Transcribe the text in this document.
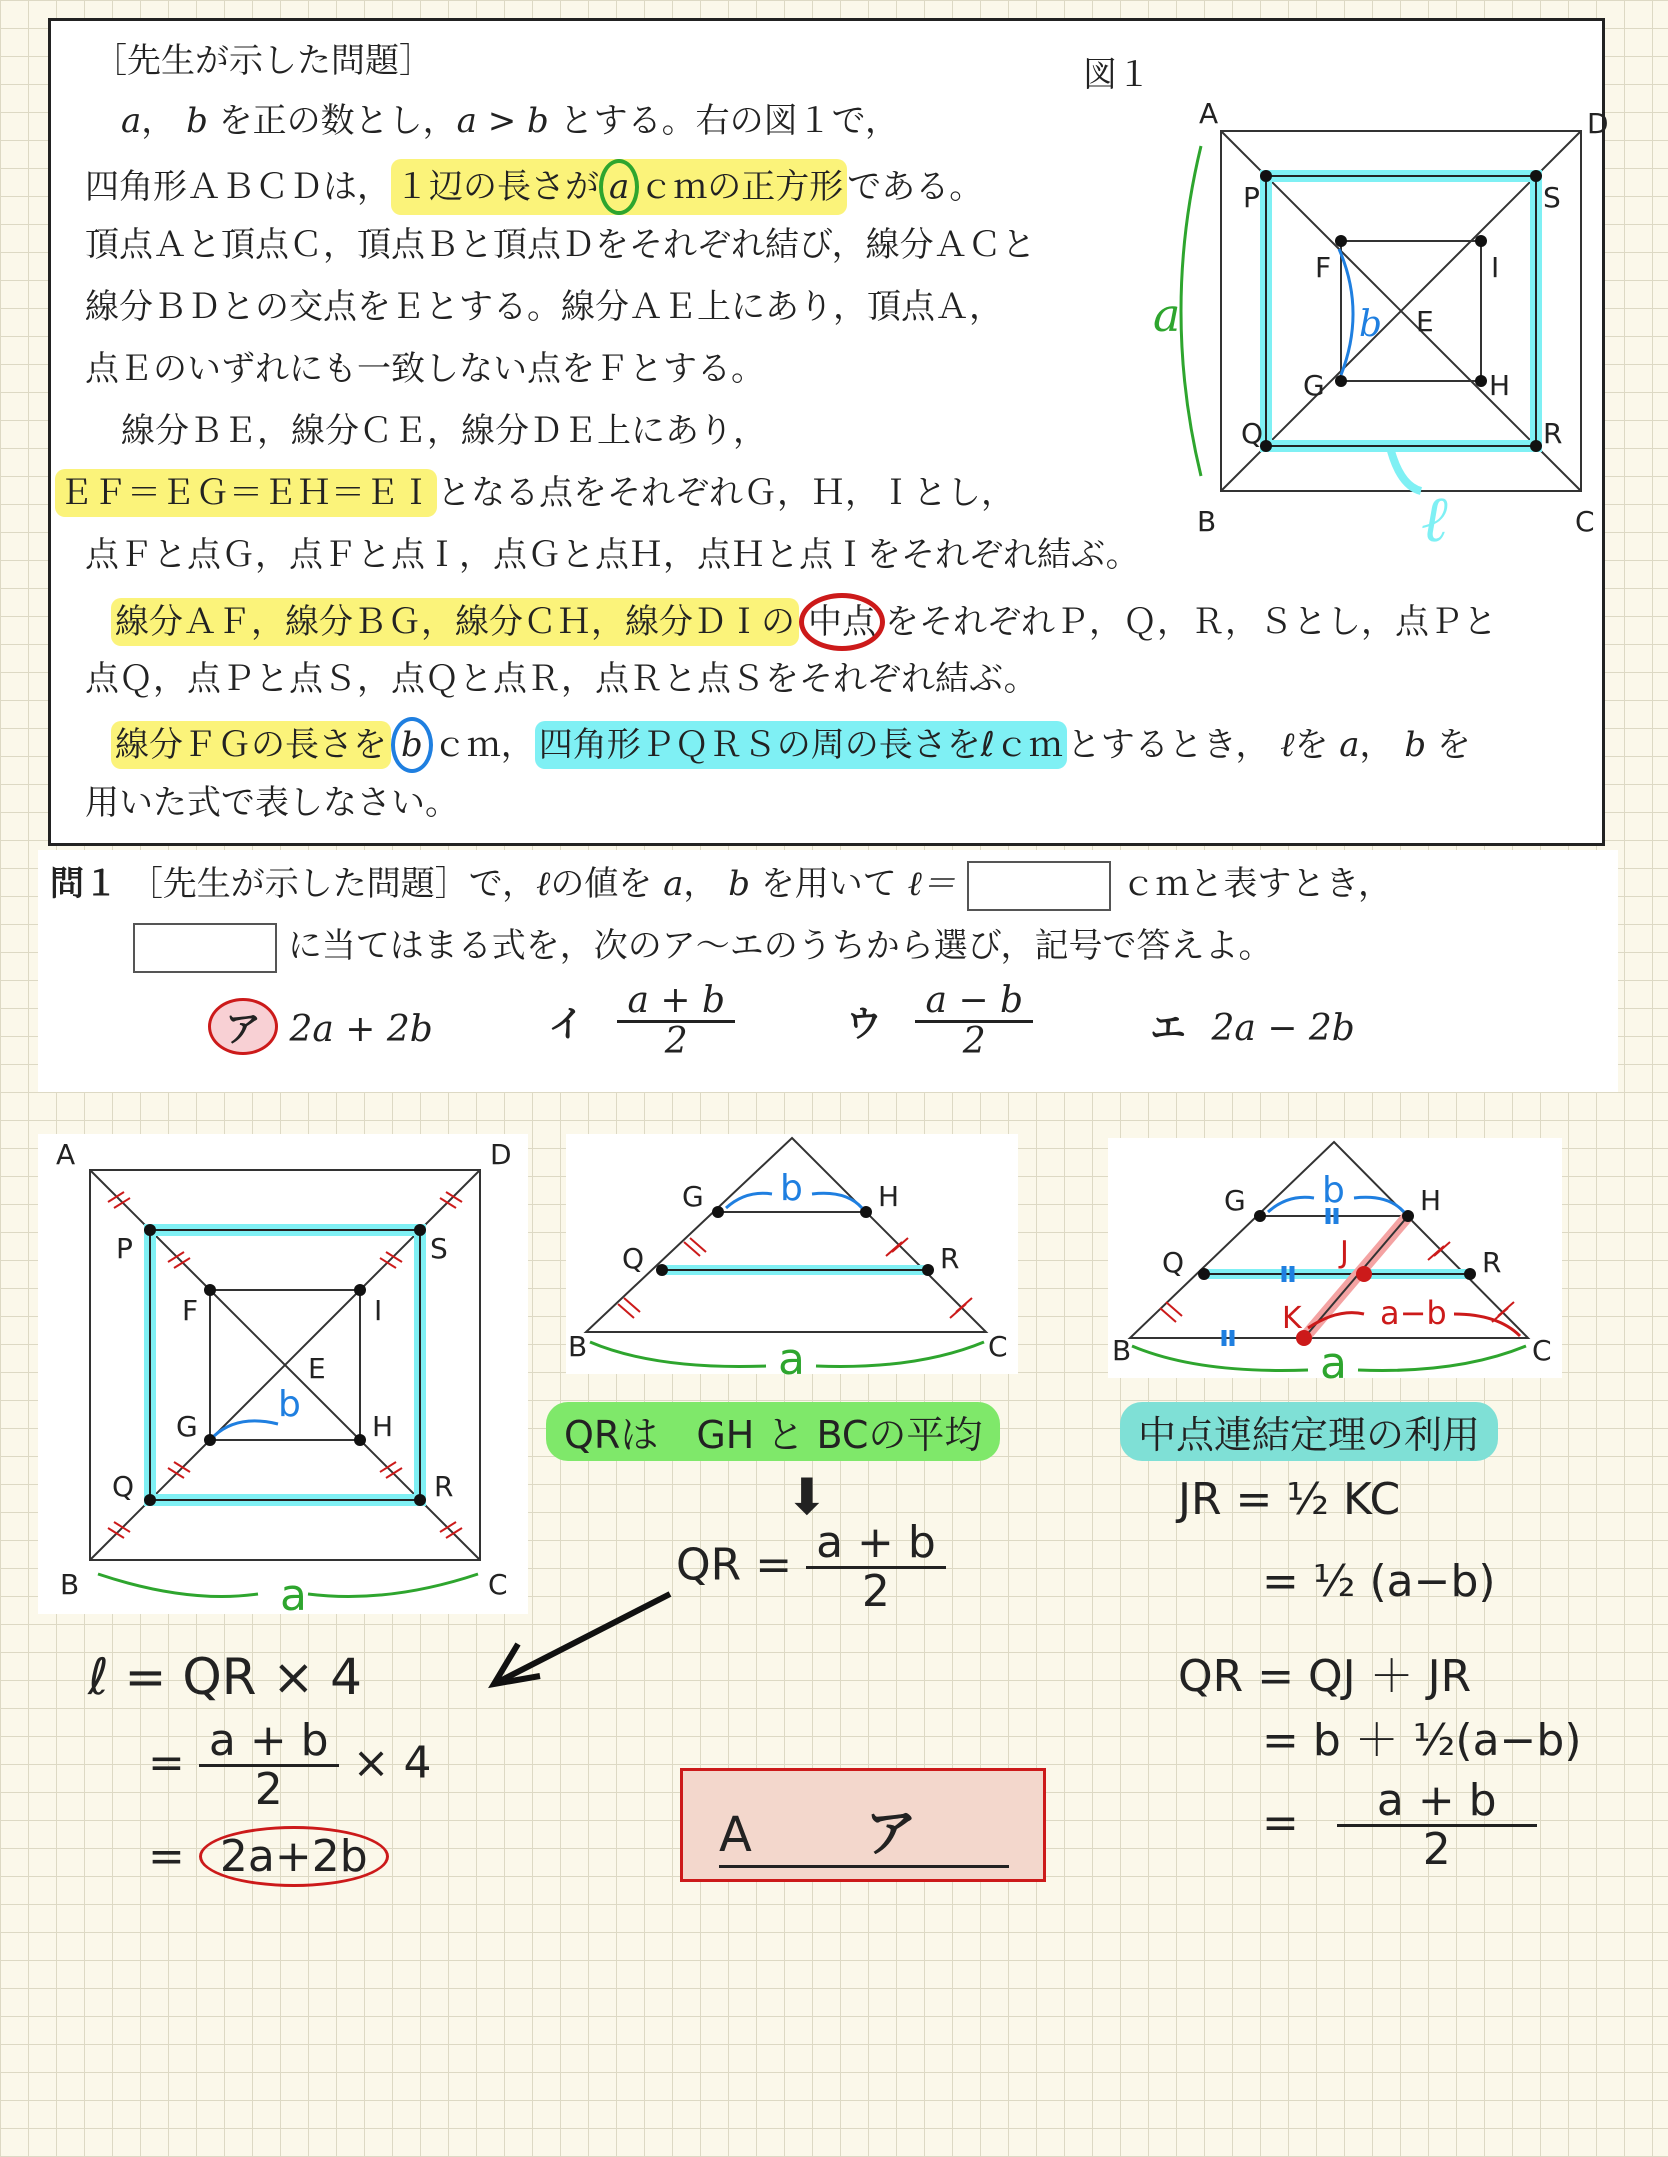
［先生が示した問題］	図１
a， b を正の数とし，a > b とする。右の図１で，
四角形ＡＢＣＤは， １辺の長さが a ｃｍの正方形 である。
頂点Ａと頂点Ｃ，頂点Ｂと頂点Ｄをそれぞれ結び，線分ＡＣと
線分ＢＤとの交点をＥとする。線分ＡＥ上にあり，頂点Ａ，
点Ｅのいずれにも一致しない点をＦとする。
線分ＢＥ，線分ＣＥ，線分ＤＥ上にあり，
ＥＦ＝ＥＧ＝ＥＨ＝ＥＩ となる点をそれぞれＧ，Ｈ，Ｉとし，
点Ｆと点Ｇ，点Ｆと点Ｉ，点Ｇと点Ｈ，点Ｈと点Ｉをそれぞれ結ぶ。
線分ＡＦ，線分ＢＧ，線分ＣＨ，線分ＤＩの 中点 をそれぞれＰ，Ｑ，Ｒ，Ｓとし，点Ｐと
点Ｑ，点Ｐと点Ｓ，点Ｑと点Ｒ，点Ｒと点Ｓをそれぞれ結ぶ。
線分ＦＧの長さを b ｃｍ， 四角形ＰＱＲＳの周の長さをℓｃｍ とするとき， ℓを a， b を
用いた式で表しなさい。
A	D
B	C
P	S
Q	R
F	I
G	H
E
a	b
ℓ
問１ ［先生が示した問題］で，ℓの値を a， b を用いて ℓ＝	ｃｍと表すとき，
に当てはまる式を，次のア〜エのうちから選び，記号で答えよ。
ア 2a + 2b	イ $\frac{a + b}{2}$	ウ $\frac{a - b}{2}$	エ 2a − 2b
A	D
B	C
P	S
Q	R
F	I
G	H
E
b
a
G	H
Q	R
B	C
b
a
G	H
Q	R
B	C
J
K a−b
b
a
QRは　GH と BCの平均	中点連結定理の利用
⬇
QR = $\frac{a + b}{2}$
ℓ = QR × 4
= $\frac{a + b}{2} \times 4$
= 2a+2b
JR = ½ KC
= ½ (a−b)
QR = QJ ＋ JR
= b ＋ ½(a−b)
= $\frac{a + b}{2}$
A ア
